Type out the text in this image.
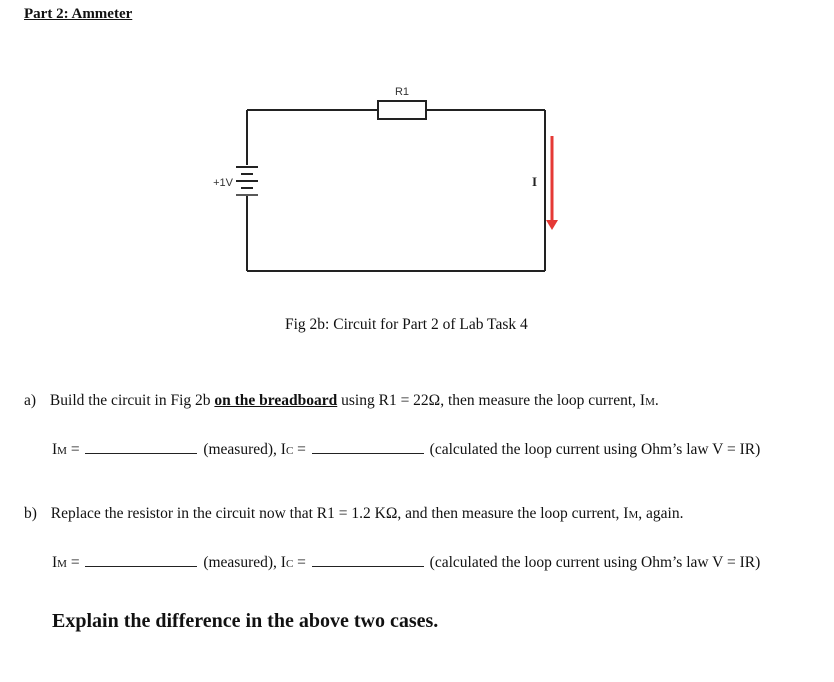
Part 2: Ammeter
R1
+1V	I
Fig 2b: Circuit for Part 2 of Lab Task 4
a) Build the circuit in Fig 2b on the breadboard using R1 = 22Ω, then measure the loop current, IM.
IM =	(measured), IC =	(calculated the loop current using Ohm’s law V = IR)
b) Replace the resistor in the circuit now that R1 = 1.2 KΩ, and then measure the loop current, IM, again.
IM =	(measured), IC =	(calculated the loop current using Ohm’s law V = IR)
Explain the difference in the above two cases.
